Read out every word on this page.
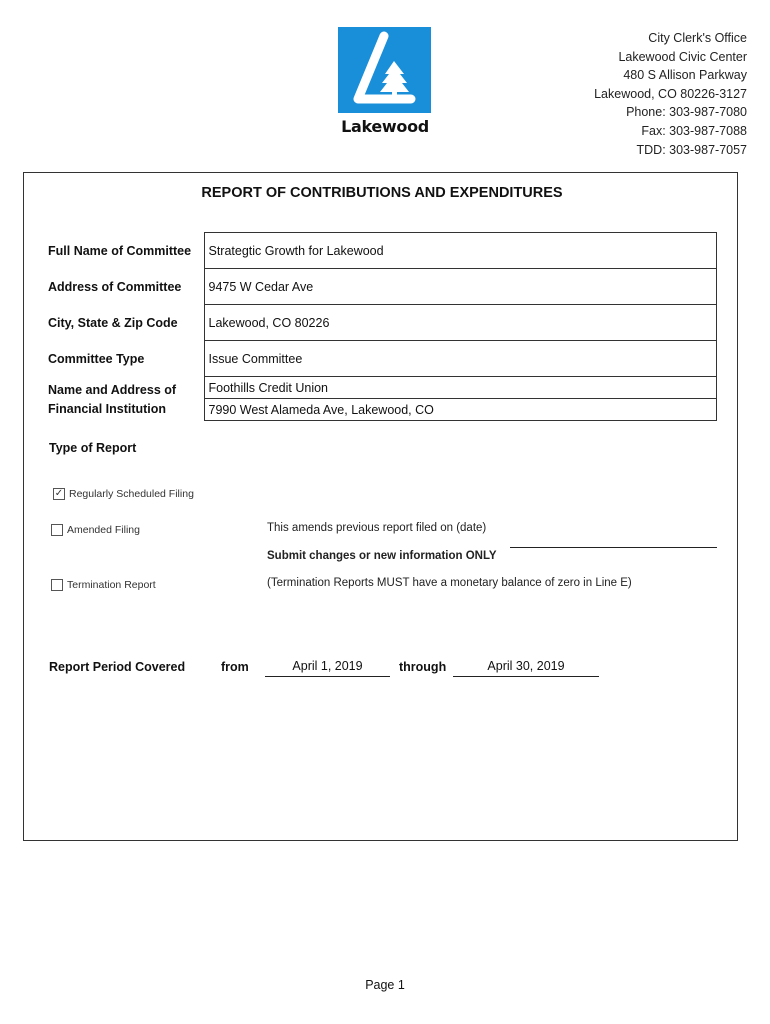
Lakewood
City Clerk's Office
Lakewood Civic Center
480 S Allison Parkway
Lakewood, CO 80226-3127
Phone: 303-987-7080
Fax: 303-987-7088
TDD: 303-987-7057
REPORT OF CONTRIBUTIONS AND EXPENDITURES
Full Name of Committee	Strategtic Growth for Lakewood
Address of Committee	9475 W Cedar Ave
City, State & Zip Code	Lakewood, CO 80226
Committee Type	Issue Committee

Name and Address of
Financial Institution	Foothills Credit Union
	7990 West Alameda Ave, Lakewood, CO
Type of Report
✓ Regularly Scheduled Filing
Amended Filing	This amends previous report filed on (date)
Submit changes or new information ONLY
Termination Report	(Termination Reports MUST have a monetary balance of zero in Line E)
Report Period Covered	from	April 1, 2019	through	April 30, 2019
Page 1
